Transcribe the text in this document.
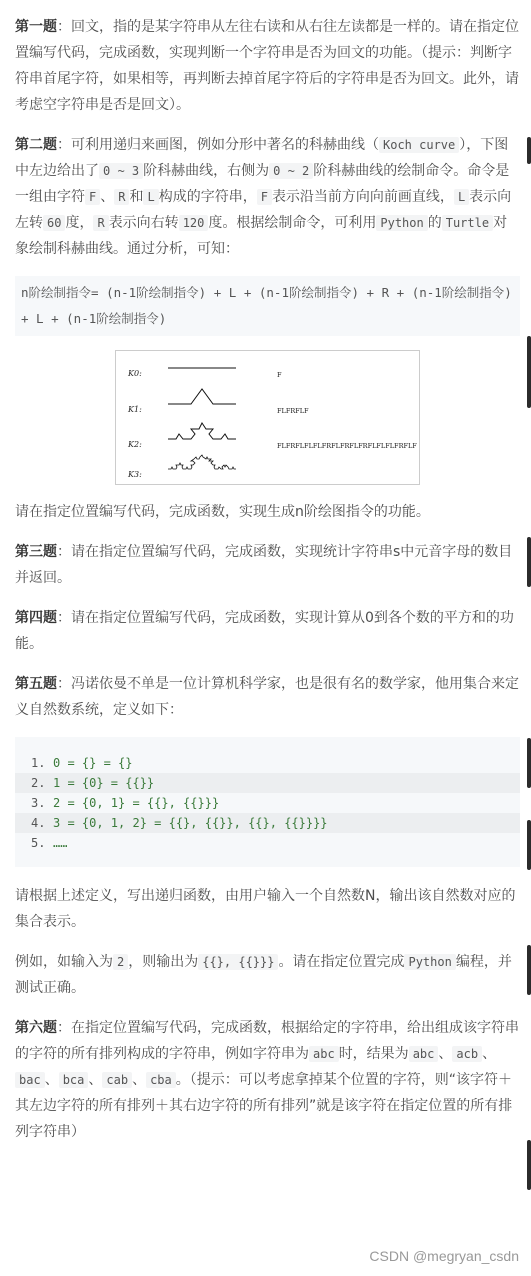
第一题：回文，指的是某字符串从左往右读和从右往左读都是一样的。请在指定位置编写代码，完成函数，实现判断一个字符串是否为回文的功能。（提示：判断字符串首尾字符，如果相等，再判断去掉首尾字符后的字符串是否为回文。此外，请考虑空字符串是否是回文）。

第二题：可利用递归来画图，例如分形中著名的科赫曲线（ Koch curve ），下图中左边给出了 0 ~ 3 阶科赫曲线，右侧为 0 ~ 2 阶科赫曲线的绘制命令。命令是一组由字符 F 、 R 和 L 构成的字符串， F 表示沿当前方向向前画直线， L 表示向左转 60 度， R 表示向右转 120 度。根据绘制命令，可利用 Python 的 Turtle 对象绘制科赫曲线。通过分析，可知：

n阶绘制指令= (n-1阶绘制指令) + L + (n-1阶绘制指令) + R + (n-1阶绘制指令) + L + (n-1阶绘制指令)
K0:
K1:
K2:
K3:
F
FLFRFLF
FLFRFLFLFLFRFLFRFLFRFLFLFLFRFLF

请在指定位置编写代码，完成函数，实现生成n阶绘图指令的功能。

第三题：请在指定位置编写代码，完成函数，实现统计字符串s中元音字母的数目并返回。

第四题：请在指定位置编写代码，完成函数，实现计算从0到各个数的平方和的功能。

第五题：冯诺依曼不单是一位计算机科学家，也是很有名的数学家，他用集合来定义自然数系统，定义如下：

1. 0 = {} = {}
2. 1 = {0} = {{}}
3. 2 = {0, 1} = {{}, {{}}}
4. 3 = {0, 1, 2} = {{}, {{}}, {{}, {{}}}}
5. ……

请根据上述定义，写出递归函数，由用户输入一个自然数N，输出该自然数对应的集合表示。

例如，如输入为 2 ，则输出为 {{}, {{}}} 。请在指定位置完成 Python 编程，并测试正确。

第六题：在指定位置编写代码，完成函数，根据给定的字符串，给出组成该字符串的字符的所有排列构成的字符串，例如字符串为 abc 时，结果为 abc 、 acb 、bac 、 bca 、 cab 、 cba 。（提示：可以考虑拿掉某个位置的字符，则“该字符＋其左边字符的所有排列＋其右边字符的所有排列”就是该字符在指定位置的所有排列字符串）

CSDN @megryan_csdn
